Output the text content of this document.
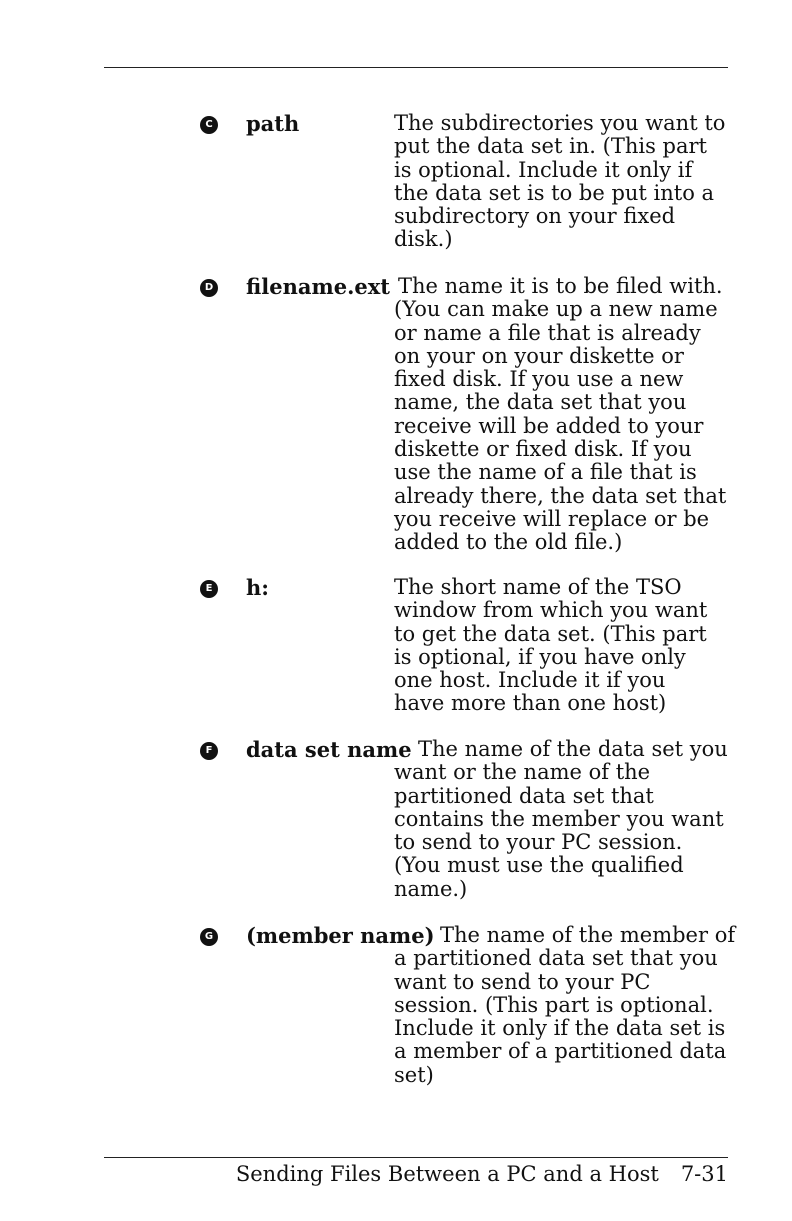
C path	The subdirectories you want to
put the data set in. (This part
is optional. Include it only if
the data set is to be put into a
subdirectory on your fixed
disk.)
D filename.ext The name it is to be filed with.
(You can make up a new name
or name a file that is already
on your on your diskette or
fixed disk. If you use a new
name, the data set that you
receive will be added to your
diskette or fixed disk. If you
use the name of a file that is
already there, the data set that
you receive will replace or be
added to the old file.)
E h:	The short name of the TSO
window from which you want
to get the data set. (This part
is optional, if you have only
one host. Include it if you
have more than one host)
F data set name The name of the data set you
want or the name of the
partitioned data set that
contains the member you want
to send to your PC session.
(You must use the qualified
name.)
G (member name) The name of the member of
a partitioned data set that you
want to send to your PC
session. (This part is optional.
Include it only if the data set is
a member of a partitioned data
set)
Sending Files Between a PC and a Host 7-31
